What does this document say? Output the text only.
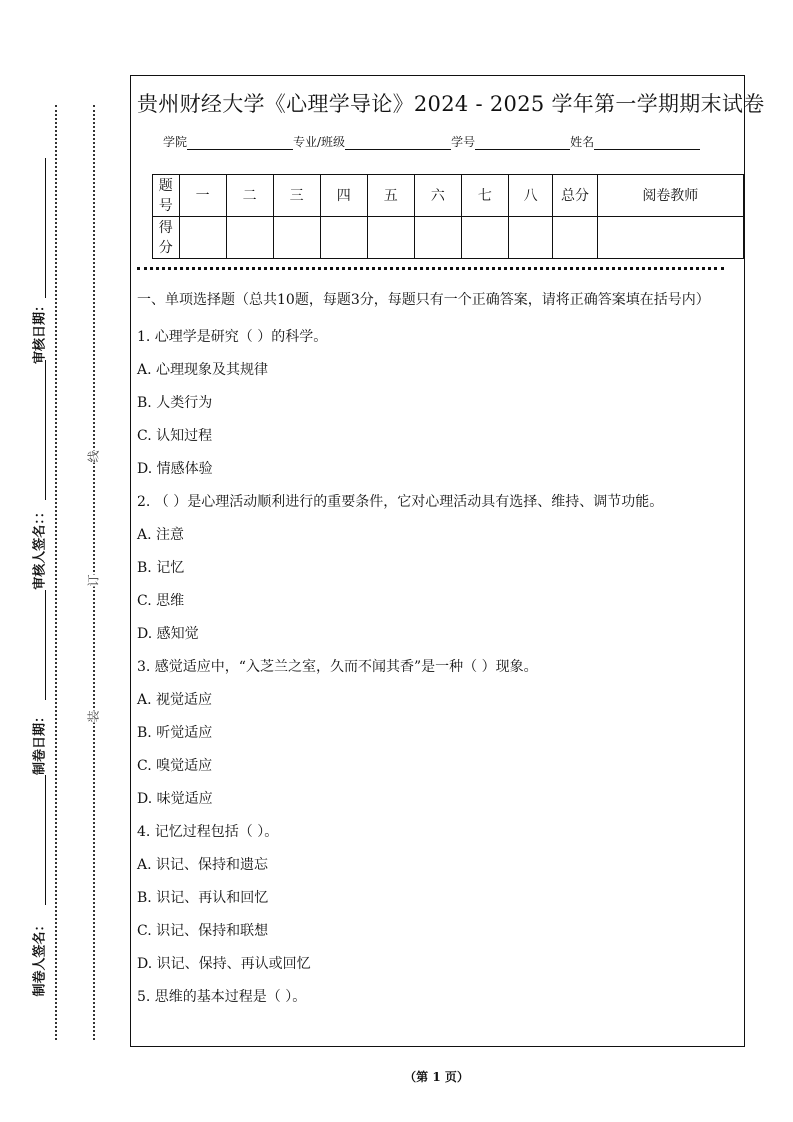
审核日期：
审核人签名：：
制卷日期：
制卷人签名：
线
订
装
贵州财经大学《心理学导论》2024 - 2025 学年第一学期期末试卷
学院	专业/班级	学号	姓名
题号	一	二	三	四	五	六	七	八	总分	阅卷教师
得分										
一、单项选择题（总共10题，每题3分，每题只有一个正确答案，请将正确答案填在括号内）
1. 心理学是研究（ ）的科学。
A. 心理现象及其规律
B. 人类行为
C. 认知过程
D. 情感体验
2. （ ）是心理活动顺利进行的重要条件，它对心理活动具有选择、维持、调节功能。
A. 注意
B. 记忆
C. 思维
D. 感知觉
3. 感觉适应中，“入芝兰之室，久而不闻其香”是一种（ ）现象。
A. 视觉适应
B. 听觉适应
C. 嗅觉适应
D. 味觉适应
4. 记忆过程包括（ ）。
A. 识记、保持和遗忘
B. 识记、再认和回忆
C. 识记、保持和联想
D. 识记、保持、再认或回忆
5. 思维的基本过程是（ ）。
（第 1 页）
